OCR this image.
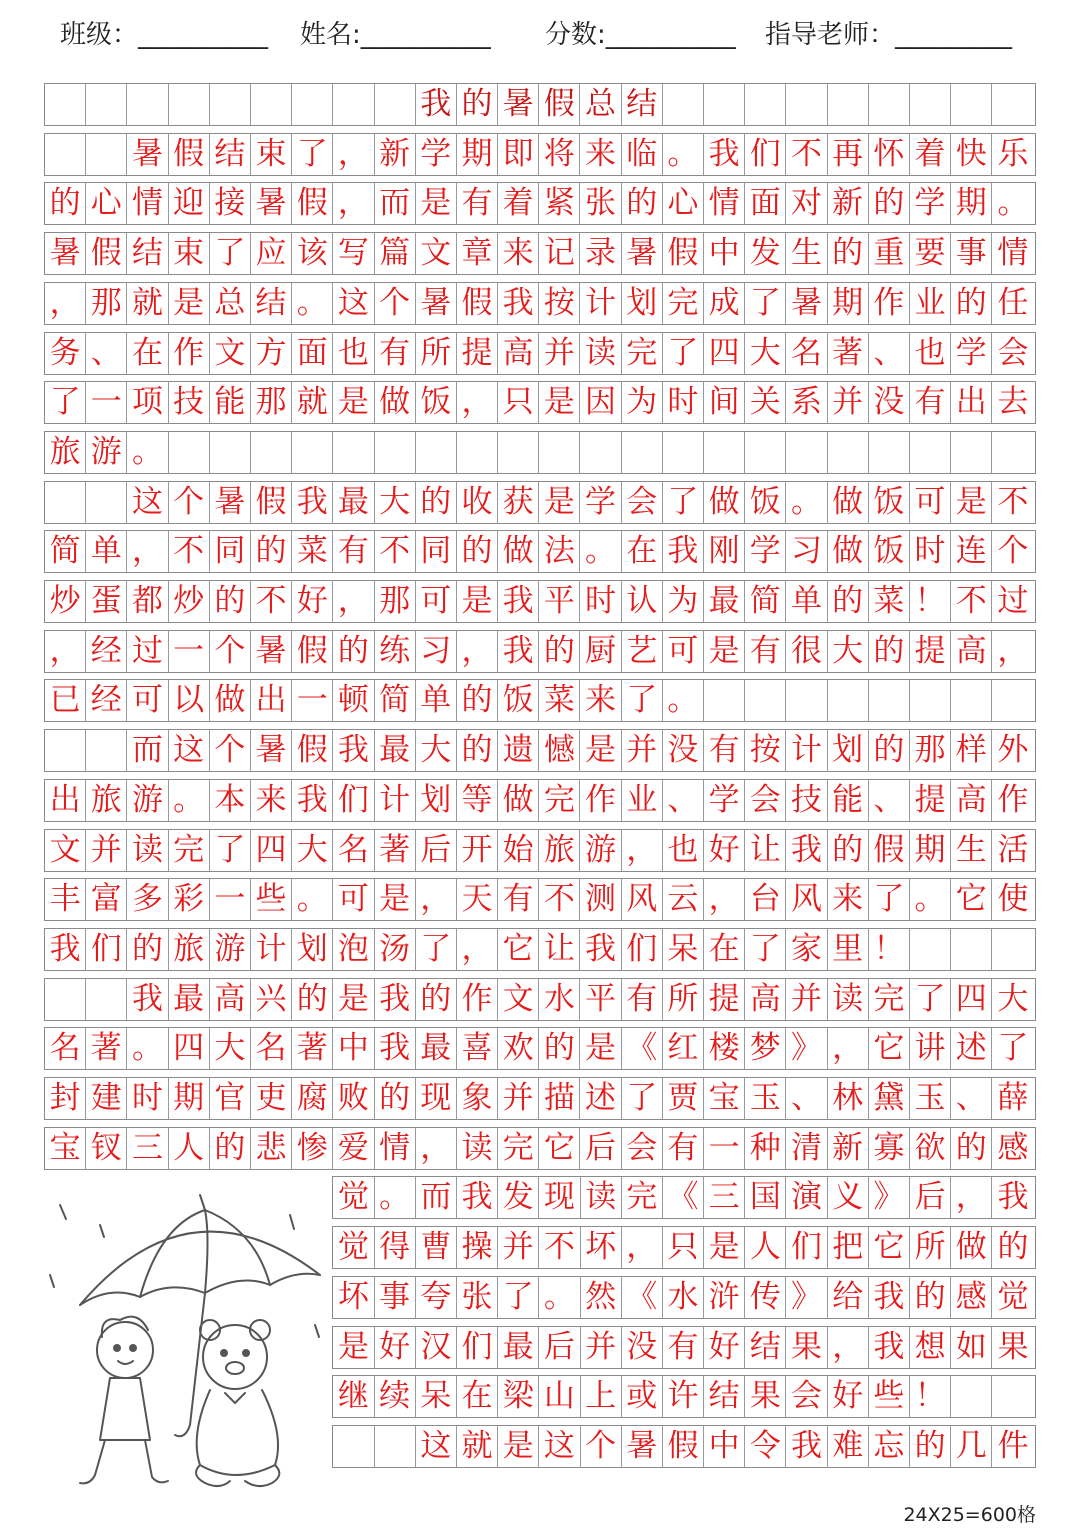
班级：__________ 姓名:__________ 分数:__________ 指导老师：_________
我 的 暑 假 总 结
暑 假 结 束 了 ， 新 学 期 即 将 来 临 。 我 们 不 再 怀 着 快 乐
的 心 情 迎 接 暑 假 ， 而 是 有 着 紧 张 的 心 情 面 对 新 的 学 期 。
暑 假 结 束 了 应 该 写 篇 文 章 来 记 录 暑 假 中 发 生 的 重 要 事 情
， 那 就 是 总 结 。 这 个 暑 假 我 按 计 划 完 成 了 暑 期 作 业 的 任
务 、 在 作 文 方 面 也 有 所 提 高 并 读 完 了 四 大 名 著 、 也 学 会
了 一 项 技 能 那 就 是 做 饭 ， 只 是 因 为 时 间 关 系 并 没 有 出 去
旅 游 。
这 个 暑 假 我 最 大 的 收 获 是 学 会 了 做 饭 。 做 饭 可 是 不
简 单 ， 不 同 的 菜 有 不 同 的 做 法 。 在 我 刚 学 习 做 饭 时 连 个
炒 蛋 都 炒 的 不 好 ， 那 可 是 我 平 时 认 为 最 简 单 的 菜 ！ 不 过
， 经 过 一 个 暑 假 的 练 习 ， 我 的 厨 艺 可 是 有 很 大 的 提 高 ，
已 经 可 以 做 出 一 顿 简 单 的 饭 菜 来 了 。
而 这 个 暑 假 我 最 大 的 遗 憾 是 并 没 有 按 计 划 的 那 样 外
出 旅 游 。 本 来 我 们 计 划 等 做 完 作 业 、 学 会 技 能 、 提 高 作
文 并 读 完 了 四 大 名 著 后 开 始 旅 游 ， 也 好 让 我 的 假 期 生 活
丰 富 多 彩 一 些 。 可 是 ， 天 有 不 测 风 云 ， 台 风 来 了 。 它 使
我 们 的 旅 游 计 划 泡 汤 了 ， 它 让 我 们 呆 在 了 家 里 ！
我 最 高 兴 的 是 我 的 作 文 水 平 有 所 提 高 并 读 完 了 四 大
名 著 。 四 大 名 著 中 我 最 喜 欢 的 是 《 红 楼 梦 》 ， 它 讲 述 了
封 建 时 期 官 吏 腐 败 的 现 象 并 描 述 了 贾 宝 玉 、 林 黛 玉 、 薛
宝 钗 三 人 的 悲 惨 爱 情 ， 读 完 它 后 会 有 一 种 清 新 寡 欲 的 感
觉 。 而 我 发 现 读 完 《 三 国 演 义 》 后 ， 我
觉 得 曹 操 并 不 坏 ， 只 是 人 们 把 它 所 做 的
坏 事 夸 张 了 。 然 《 水 浒 传 》 给 我 的 感 觉
是 好 汉 们 最 后 并 没 有 好 结 果 ， 我 想 如 果
继 续 呆 在 梁 山 上 或 许 结 果 会 好 些 ！
这 就 是 这 个 暑 假 中 令 我 难 忘 的 几 件
24X25=600格
